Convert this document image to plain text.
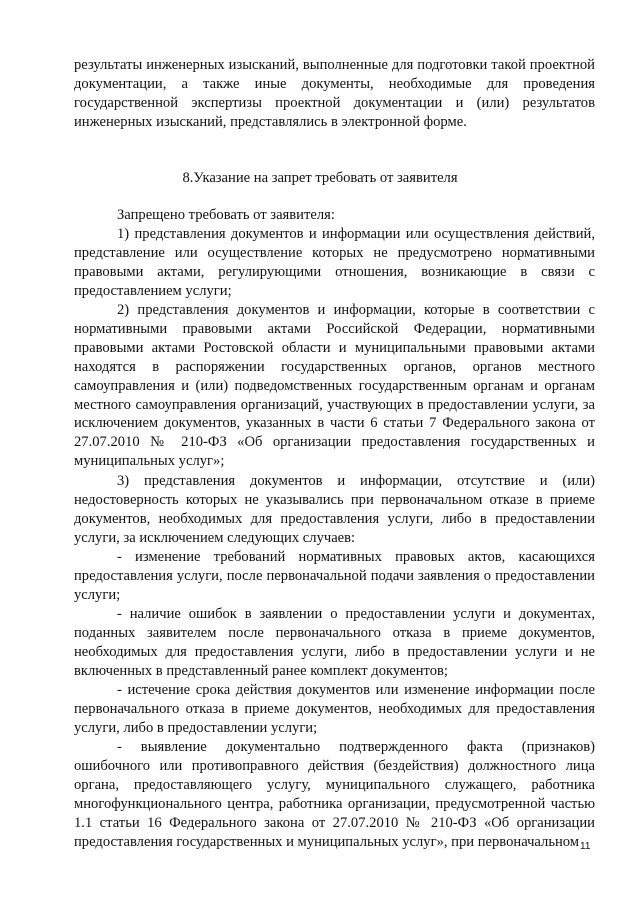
результаты инженерных изысканий, выполненные для подготовки такой проектной документации, а также иные документы, необходимые для проведения государственной экспертизы проектной документации и (или) результатов инженерных изысканий, представлялись в электронной форме.

8.Указание на запрет требовать от заявителя

Запрещено требовать от заявителя:

1) представления документов и информации или осуществления действий, представление или осуществление которых не предусмотрено нормативными правовыми актами, регулирующими отношения, возникающие в связи с предоставлением услуги;

2) представления документов и информации, которые в соответствии с нормативными правовыми актами Российской Федерации, нормативными правовыми актами Ростовской области и муниципальными правовыми актами находятся в распоряжении государственных органов, органов местного самоуправления и (или) подведомственных государственным органам и органам местного самоуправления организаций, участвующих в предоставлении услуги, за исключением документов, указанных в части 6 статьи 7 Федерального закона от 27.07.2010 № 210-ФЗ «Об организации предоставления государственных и муниципальных услуг»;

3) представления документов и информации, отсутствие и (или) недостоверность которых не указывались при первоначальном отказе в приеме документов, необходимых для предоставления услуги, либо в предоставлении услуги, за исключением следующих случаев:

- изменение требований нормативных правовых актов, касающихся предоставления услуги, после первоначальной подачи заявления о предоставлении услуги;

- наличие ошибок в заявлении о предоставлении услуги и документах, поданных заявителем после первоначального отказа в приеме документов, необходимых для предоставления услуги, либо в предоставлении услуги и не включенных в представленный ранее комплект документов;

- истечение срока действия документов или изменение информации после первоначального отказа в приеме документов, необходимых для предоставления услуги, либо в предоставлении услуги;

- выявление документально подтвержденного факта (признаков) ошибочного или противоправного действия (бездействия) должностного лица органа, предоставляющего услугу, муниципального служащего, работника многофункционального центра, работника организации, предусмотренной частью 1.1 статьи 16 Федерального закона от 27.07.2010 № 210-ФЗ «Об организации предоставления государственных и муниципальных услуг», при первоначальном 11
